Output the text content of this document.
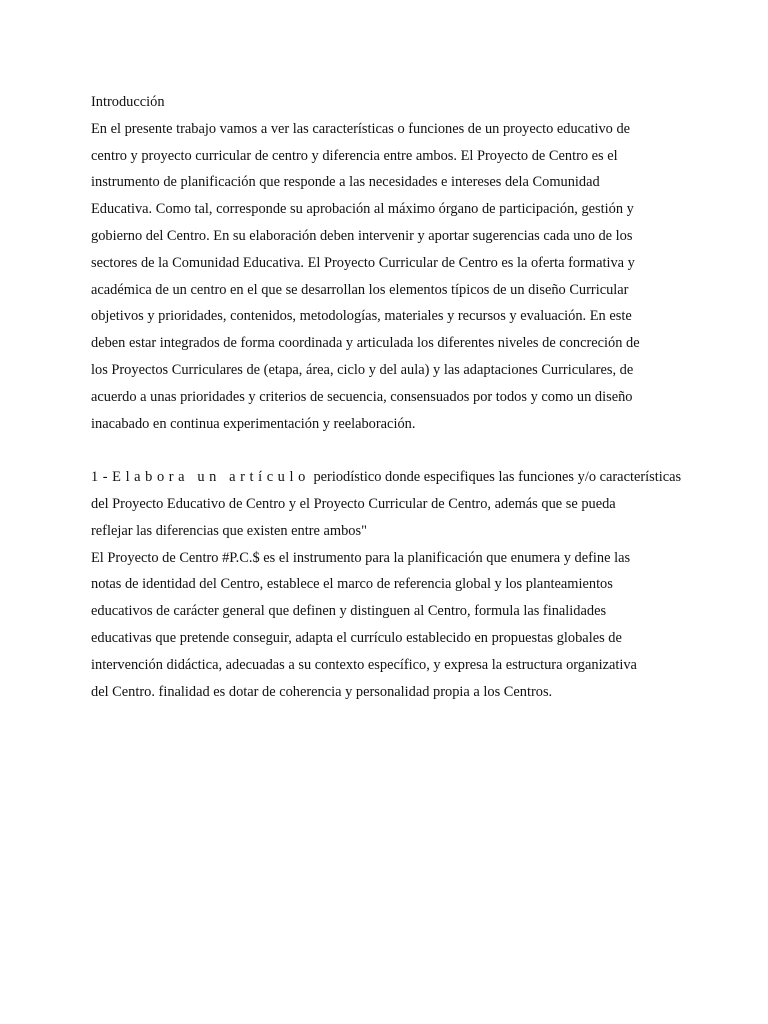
Introducción
En el presente trabajo vamos a ver las características o funciones de un proyecto educativo de
centro y proyecto curricular de centro y diferencia entre ambos. El Proyecto de Centro es el
instrumento de planificación que responde a las necesidades e intereses dela Comunidad
Educativa. Como tal, corresponde su aprobación al máximo órgano de participación, gestión y
gobierno del Centro. En su elaboración deben intervenir y aportar sugerencias cada uno de los
sectores de la Comunidad Educativa. El Proyecto Curricular de Centro es la oferta formativa y
académica de un centro en el que se desarrollan los elementos típicos de un diseño Curricular
objetivos y prioridades, contenidos, metodologías, materiales y recursos y evaluación. En este
deben estar integrados de forma coordinada y articulada los diferentes niveles de concreción de
los Proyectos Curriculares de (etapa, área, ciclo y del aula) y las adaptaciones Curriculares, de
acuerdo a unas prioridades y criterios de secuencia, consensuados por todos y como un diseño
inacabado en continua experimentación y reelaboración.
1-Elabora un artículo periodístico donde especifiques las funciones y/o características
del Proyecto Educativo de Centro y el Proyecto Curricular de Centro, además que se pueda
reflejar las diferencias que existen entre ambos"
El Proyecto de Centro #P.C.$ es el instrumento para la planificación que enumera y define las
notas de identidad del Centro, establece el marco de referencia global y los planteamientos
educativos de carácter general que definen y distinguen al Centro, formula las finalidades
educativas que pretende conseguir, adapta el currículo establecido en propuestas globales de
intervención didáctica, adecuadas a su contexto específico, y expresa la estructura organizativa
del Centro. finalidad es dotar de coherencia y personalidad propia a los Centros.
